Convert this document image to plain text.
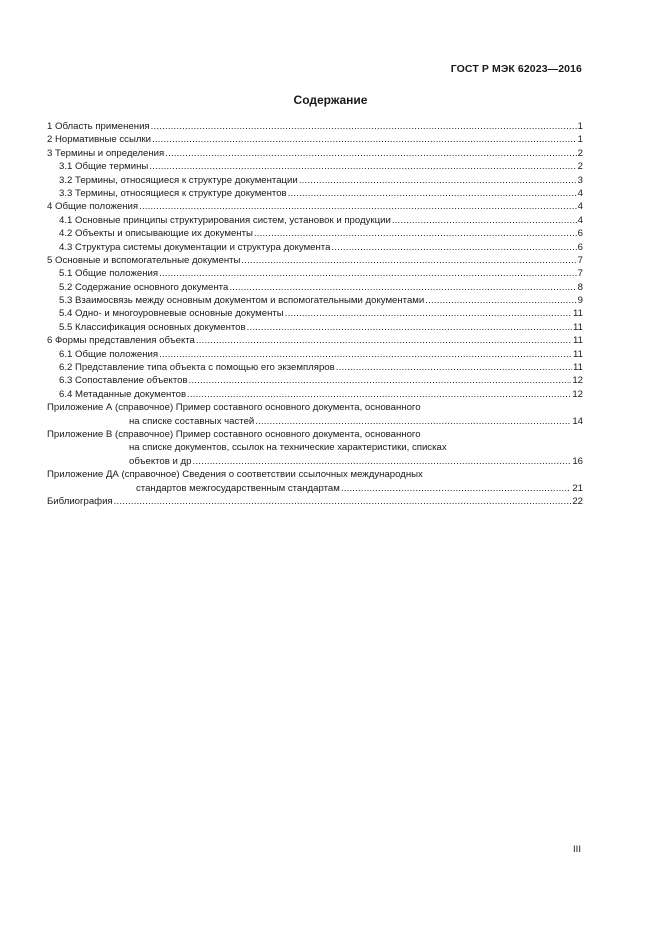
ГОСТ Р МЭК 62023—2016
Содержание
1 Область применения .....	1
2 Нормативные ссылки .....	1
3 Термины и определения .....	2
3.1 Общие термины .....	2
3.2 Термины, относящиеся к структуре документации .....	3
3.3 Термины, относящиеся к структуре документов .....	4
4 Общие положения .....	4
4.1 Основные принципы структурирования систем, установок и продукции .....	4
4.2 Объекты и описывающие их документы .....	6
4.3 Структура системы документации и структура документа .....	6
5 Основные и вспомогательные документы .....	7
5.1 Общие положения .....	7
5.2 Содержание основного документа .....	8
5.3 Взаимосвязь между основным документом и вспомогательными документами .....	9
5.4 Одно- и многоуровневые основные документы .....	11
5.5 Классификация основных документов .....	11
6 Формы представления объекта .....	11
6.1 Общие положения .....	11
6.2 Представление типа объекта с помощью его экземпляров .....	11
6.3 Сопоставление объектов .....	12
6.4 Метаданные документов .....	12
Приложение А (справочное) Пример составного основного документа, основанного
на списке составных частей .....	14
Приложение В (справочное) Пример составного основного документа, основанного
на списке документов, ссылок на технические характеристики, списках
объектов и др .....	16
Приложение ДА (справочное) Сведения о соответствии ссылочных международных
стандартов межгосударственным стандартам .....	21
Библиография .....	22
III
